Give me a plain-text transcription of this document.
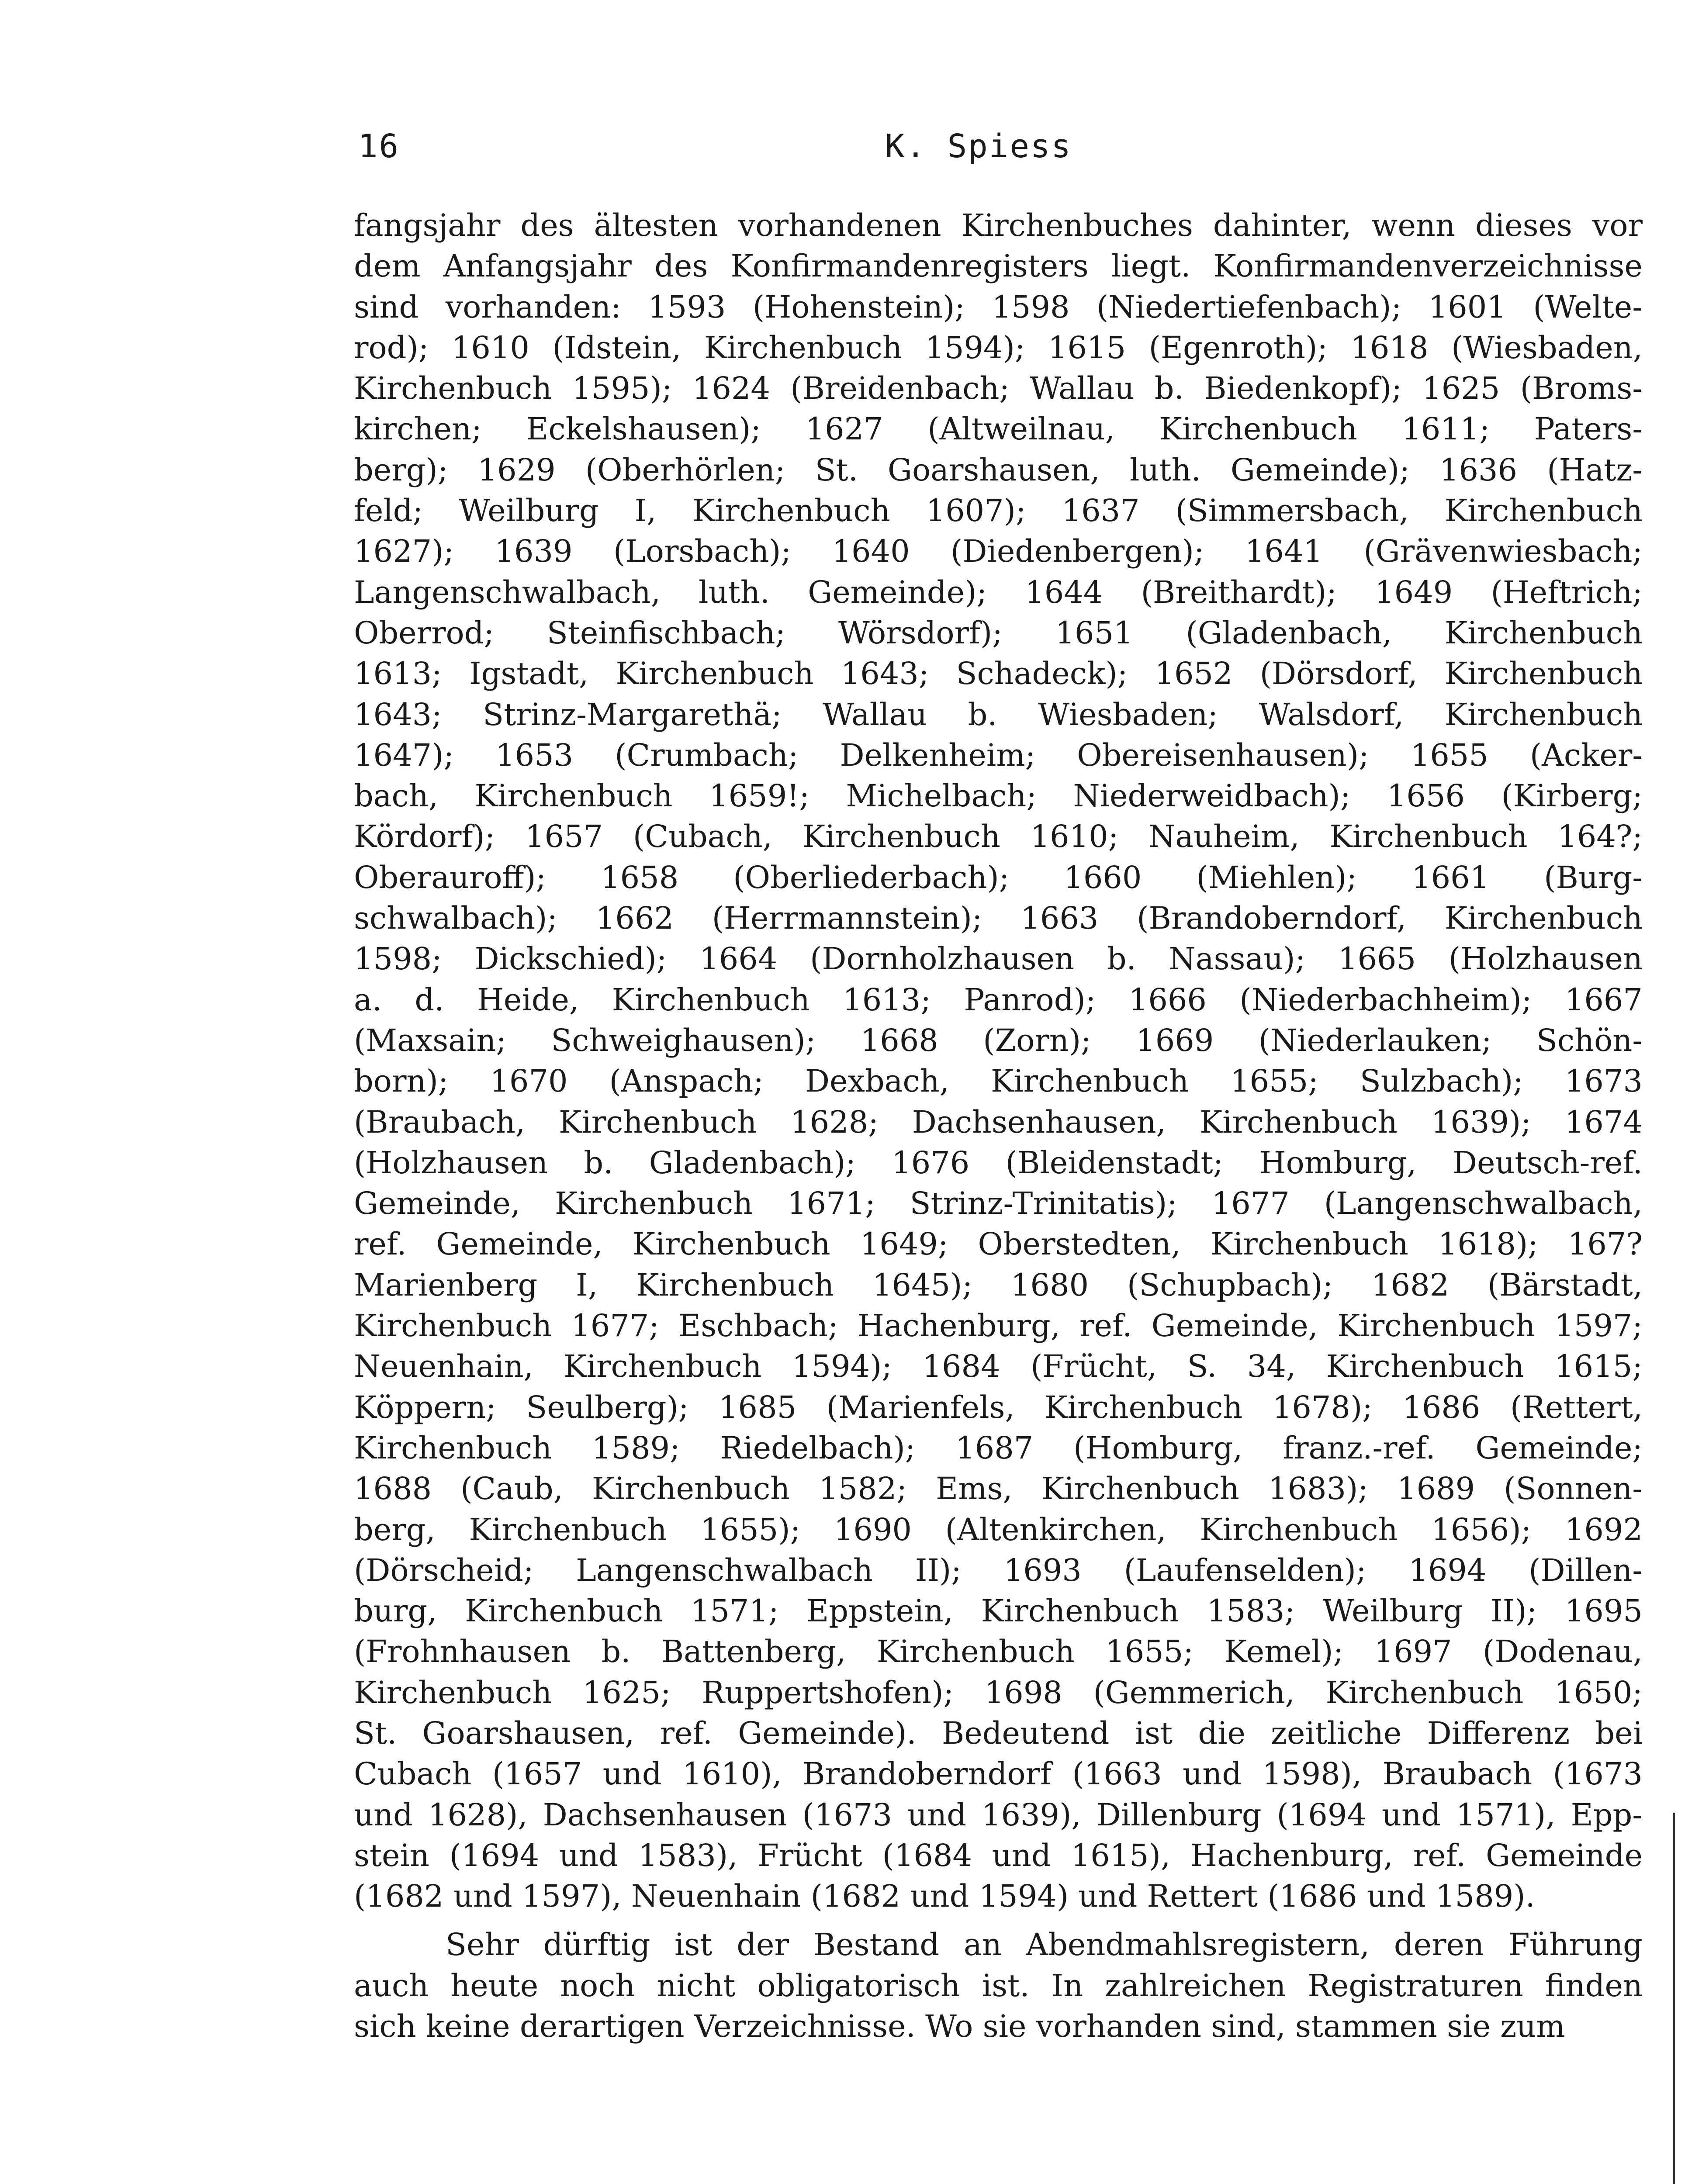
16	K. Spiess
fangsjahr des ältesten vorhandenen Kirchenbuches dahinter, wenn dieses vor
dem Anfangsjahr des Konfirmandenregisters liegt. Konfirmandenverzeichnisse
sind vorhanden: 1593 (Hohenstein); 1598 (Niedertiefenbach); 1601 (Welte-
rod); 1610 (Idstein, Kirchenbuch 1594); 1615 (Egenroth); 1618 (Wiesbaden,
Kirchenbuch 1595); 1624 (Breidenbach; Wallau b. Biedenkopf); 1625 (Broms-
kirchen; Eckelshausen); 1627 (Altweilnau, Kirchenbuch 1611; Paters-
berg); 1629 (Oberhörlen; St. Goarshausen, luth. Gemeinde); 1636 (Hatz-
feld; Weilburg I, Kirchenbuch 1607); 1637 (Simmersbach, Kirchenbuch
1627); 1639 (Lorsbach); 1640 (Diedenbergen); 1641 (Grävenwiesbach;
Langenschwalbach, luth. Gemeinde); 1644 (Breithardt); 1649 (Heftrich;
Oberrod; Steinfischbach; Wörsdorf); 1651 (Gladenbach, Kirchenbuch
1613; Igstadt, Kirchenbuch 1643; Schadeck); 1652 (Dörsdorf, Kirchenbuch
1643; Strinz-Margarethä; Wallau b. Wiesbaden; Walsdorf, Kirchenbuch
1647); 1653 (Crumbach; Delkenheim; Obereisenhausen); 1655 (Acker-
bach, Kirchenbuch 1659!; Michelbach; Niederweidbach); 1656 (Kirberg;
Kördorf); 1657 (Cubach, Kirchenbuch 1610; Nauheim, Kirchenbuch 164?;
Oberauroff); 1658 (Oberliederbach); 1660 (Miehlen); 1661 (Burg-
schwalbach); 1662 (Herrmannstein); 1663 (Brandoberndorf, Kirchenbuch
1598; Dickschied); 1664 (Dornholzhausen b. Nassau); 1665 (Holzhausen
a. d. Heide, Kirchenbuch 1613; Panrod); 1666 (Niederbachheim); 1667
(Maxsain; Schweighausen); 1668 (Zorn); 1669 (Niederlauken; Schön-
born); 1670 (Anspach; Dexbach, Kirchenbuch 1655; Sulzbach); 1673
(Braubach, Kirchenbuch 1628; Dachsenhausen, Kirchenbuch 1639); 1674
(Holzhausen b. Gladenbach); 1676 (Bleidenstadt; Homburg, Deutsch-ref.
Gemeinde, Kirchenbuch 1671; Strinz-Trinitatis); 1677 (Langenschwalbach,
ref. Gemeinde, Kirchenbuch 1649; Oberstedten, Kirchenbuch 1618); 167?
Marienberg I, Kirchenbuch 1645); 1680 (Schupbach); 1682 (Bärstadt,
Kirchenbuch 1677; Eschbach; Hachenburg, ref. Gemeinde, Kirchenbuch 1597;
Neuenhain, Kirchenbuch 1594); 1684 (Frücht, S. 34, Kirchenbuch 1615;
Köppern; Seulberg); 1685 (Marienfels, Kirchenbuch 1678); 1686 (Rettert,
Kirchenbuch 1589; Riedelbach); 1687 (Homburg, franz.-ref. Gemeinde;
1688 (Caub, Kirchenbuch 1582; Ems, Kirchenbuch 1683); 1689 (Sonnen-
berg, Kirchenbuch 1655); 1690 (Altenkirchen, Kirchenbuch 1656); 1692
(Dörscheid; Langenschwalbach II); 1693 (Laufenselden); 1694 (Dillen-
burg, Kirchenbuch 1571; Eppstein, Kirchenbuch 1583; Weilburg II); 1695
(Frohnhausen b. Battenberg, Kirchenbuch 1655; Kemel); 1697 (Dodenau,
Kirchenbuch 1625; Ruppertshofen); 1698 (Gemmerich, Kirchenbuch 1650;
St. Goarshausen, ref. Gemeinde). Bedeutend ist die zeitliche Differenz bei
Cubach (1657 und 1610), Brandoberndorf (1663 und 1598), Braubach (1673
und 1628), Dachsenhausen (1673 und 1639), Dillenburg (1694 und 1571), Epp-
stein (1694 und 1583), Frücht (1684 und 1615), Hachenburg, ref. Gemeinde
(1682 und 1597), Neuenhain (1682 und 1594) und Rettert (1686 und 1589).
Sehr dürftig ist der Bestand an Abendmahlsregistern, deren Führung
auch heute noch nicht obligatorisch ist. In zahlreichen Registraturen finden
sich keine derartigen Verzeichnisse. Wo sie vorhanden sind, stammen sie zum
